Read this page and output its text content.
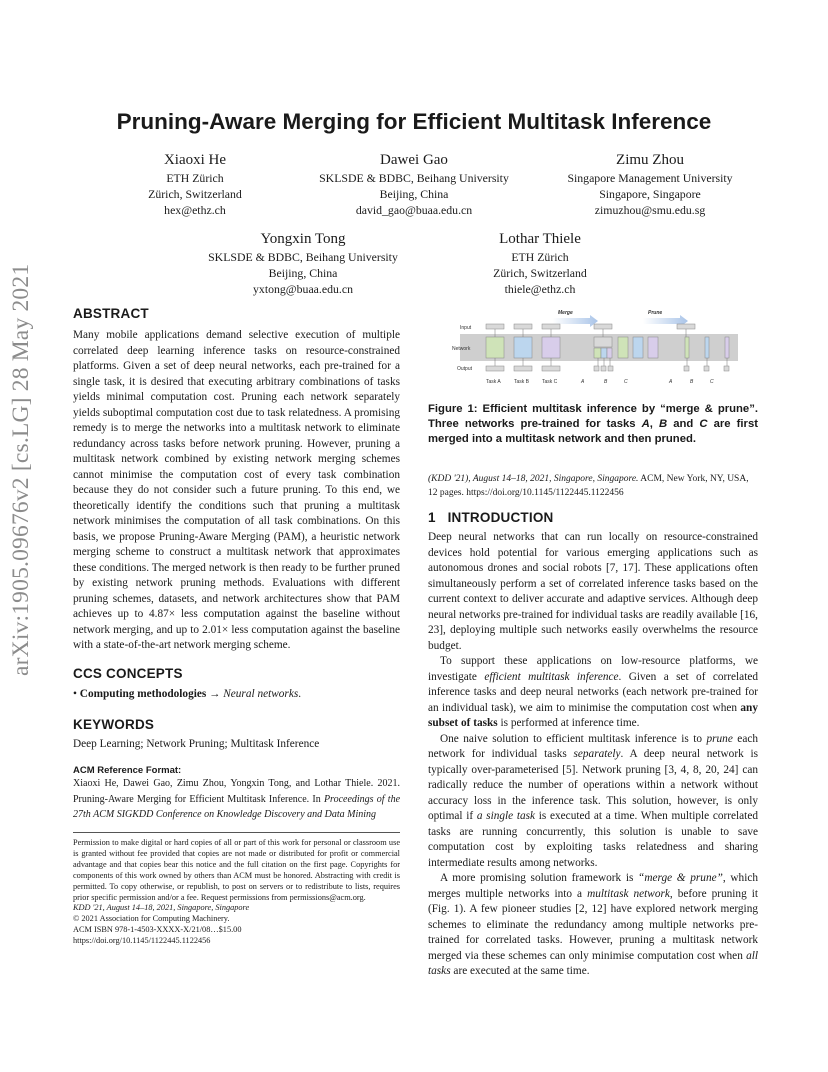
arXiv:1905.09676v2 [cs.LG] 28 May 2021
Pruning-Aware Merging for Efficient Multitask Inference
Xiaoxi He
ETH Zürich
Zürich, Switzerland
hex@ethz.ch
Dawei Gao
SKLSDE & BDBC, Beihang University
Beijing, China
david_gao@buaa.edu.cn
Zimu Zhou
Singapore Management University
Singapore, Singapore
zimuzhou@smu.edu.sg
Yongxin Tong
SKLSDE & BDBC, Beihang University
Beijing, China
yxtong@buaa.edu.cn
Lothar Thiele
ETH Zürich
Zürich, Switzerland
thiele@ethz.ch
ABSTRACT

Many mobile applications demand selective execution of multiple correlated deep learning inference tasks on resource-constrained platforms. Given a set of deep neural networks, each pre-trained for a single task, it is desired that executing arbitrary combinations of tasks yields minimal computation cost. Pruning each network separately yields suboptimal computation cost due to task relatedness. A promising remedy is to merge the networks into a multitask network to eliminate redundancy across tasks before network pruning. However, pruning a multitask network combined by existing network merging schemes cannot minimise the computation cost of every task combination because they do not consider such a future pruning. To this end, we theoretically identify the conditions such that pruning a multitask network minimises the computation of all task combinations. On this basis, we propose Pruning-Aware Merging (PAM), a heuristic network merging scheme to construct a multitask network that approximates these conditions. The merged network is then ready to be further pruned by existing network pruning methods. Evaluations with different pruning schemes, datasets, and network architectures show that PAM achieves up to 4.87× less computation against the baseline without network merging, and up to 2.01× less computation against the baseline with a state-of-the-art network merging scheme.

CCS CONCEPTS
• Computing methodologies → Neural networks.
KEYWORDS
Deep Learning; Network Pruning; Multitask Inference
ACM Reference Format:
Xiaoxi He, Dawei Gao, Zimu Zhou, Yongxin Tong, and Lothar Thiele. 2021. Pruning-Aware Merging for Efficient Multitask Inference. In Proceedings of the 27th ACM SIGKDD Conference on Knowledge Discovery and Data Mining

Permission to make digital or hard copies of all or part of this work for personal or classroom use is granted without fee provided that copies are not made or distributed for profit or commercial advantage and that copies bear this notice and the full citation on the first page. Copyrights for components of this work owned by others than ACM must be honored. Abstracting with credit is permitted. To copy otherwise, or republish, to post on servers or to redistribute to lists, requires prior specific permission and/or a fee. Request permissions from permissions@acm.org.

KDD '21, August 14–18, 2021, Singapore, Singapore

© 2021 Association for Computing Machinery.

ACM ISBN 978-1-4503-XXXX-X/21/08…$15.00

https://doi.org/10.1145/1122445.1122456

Merge	Prune
Input
Network
Output
Task A	Task B	Task C	A	B	C	A	B	C
Figure 1: Efficient multitask inference by “merge & prune”. Three networks pre-trained for tasks A, B and C are first merged into a multitask network and then pruned.
(KDD '21), August 14–18, 2021, Singapore, Singapore. ACM, New York, NY, USA, 12 pages. https://doi.org/10.1145/1122445.1122456
1 INTRODUCTION

Deep neural networks that can run locally on resource-constrained devices hold potential for various emerging applications such as autonomous drones and social robots [7, 17]. These applications often simultaneously perform a set of correlated inference tasks based on the current context to deliver accurate and adaptive services. Although deep neural networks pre-trained for individual tasks are readily available [16, 23], deploying multiple such networks easily overwhelms the resource budget.

To support these applications on low-resource platforms, we investigate efficient multitask inference. Given a set of correlated inference tasks and deep neural networks (each network pre-trained for an individual task), we aim to minimise the computation cost when any subset of tasks is performed at inference time.

One naive solution to efficient multitask inference is to prune each network for individual tasks separately. A deep neural network is typically over-parameterised [5]. Network pruning [3, 4, 8, 20, 24] can radically reduce the number of operations within a network without accuracy loss in the inference task. This solution, however, is only optimal if a single task is executed at a time. When multiple correlated tasks are running concurrently, this solution is unable to save computation cost by exploiting tasks relatedness and sharing intermediate results among networks.

A more promising solution framework is “merge & prune”, which merges multiple networks into a multitask network, before pruning it (Fig. 1). A few pioneer studies [2, 12] have explored network merging schemes to eliminate the redundancy among multiple networks pre-trained for correlated tasks. However, pruning a multitask network merged via these schemes can only minimise computation cost when all tasks are executed at the same time.
